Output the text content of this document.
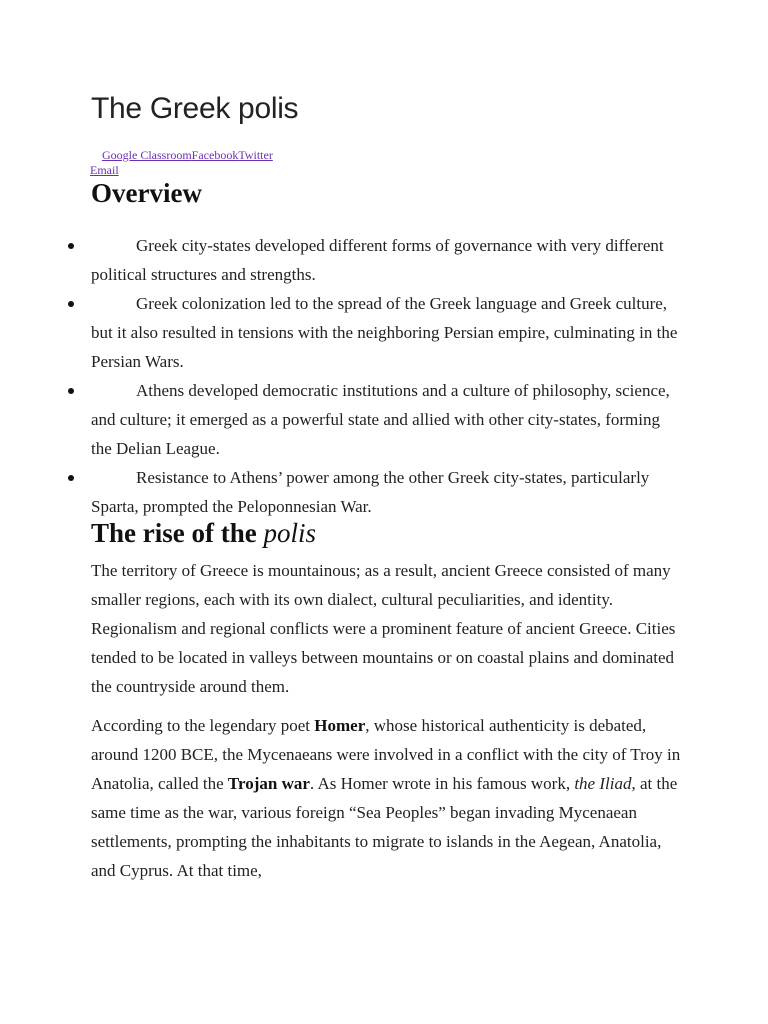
The Greek polis
Google ClassroomFacebookTwitter
Email
Overview
Greek city-states developed different forms of governance with very different political structures and strengths.
Greek colonization led to the spread of the Greek language and Greek culture, but it also resulted in tensions with the neighboring Persian empire, culminating in the Persian Wars.
Athens developed democratic institutions and a culture of philosophy, science, and culture; it emerged as a powerful state and allied with other city-states, forming the Delian League.
Resistance to Athens’ power among the other Greek city-states, particularly Sparta, prompted the Peloponnesian War.
The rise of the polis

The territory of Greece is mountainous; as a result, ancient Greece consisted of many smaller regions, each with its own dialect, cultural peculiarities, and identity. Regionalism and regional conflicts were a prominent feature of ancient Greece. Cities tended to be located in valleys between mountains or on coastal plains and dominated the countryside around them.

According to the legendary poet Homer, whose historical authenticity is debated, around 1200 BCE, the Mycenaeans were involved in a conflict with the city of Troy in Anatolia, called the Trojan war. As Homer wrote in his famous work, the Iliad, at the same time as the war, various foreign “Sea Peoples” began invading Mycenaean settlements, prompting the inhabitants to migrate to islands in the Aegean, Anatolia, and Cyprus. At that time,
